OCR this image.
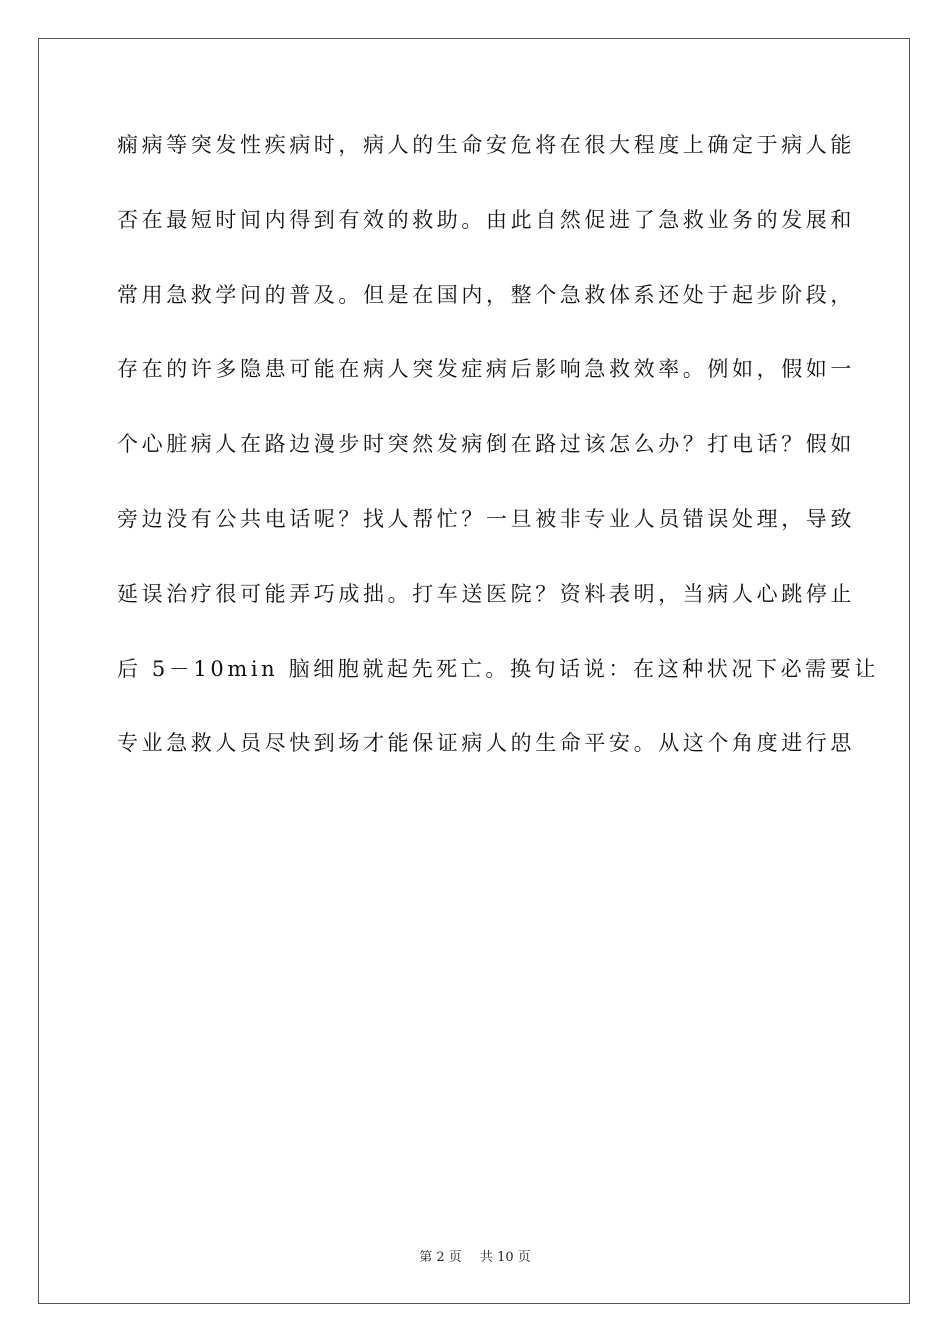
痫病等突发性疾病时，病人的生命安危将在很大程度上确定于病人能
否在最短时间内得到有效的救助。由此自然促进了急救业务的发展和
常用急救学问的普及。但是在国内，整个急救体系还处于起步阶段，
存在的许多隐患可能在病人突发症病后影响急救效率。例如，假如一
个心脏病人在路边漫步时突然发病倒在路过该怎么办？打电话？假如
旁边没有公共电话呢？找人帮忙？一旦被非专业人员错误处理，导致
延误治疗很可能弄巧成拙。打车送医院？资料表明，当病人心跳停止
后 5－10min 脑细胞就起先死亡。换句话说：在这种状况下必需要让
专业急救人员尽快到场才能保证病人的生命平安。从这个角度进行思
第 2 页 共 10 页
